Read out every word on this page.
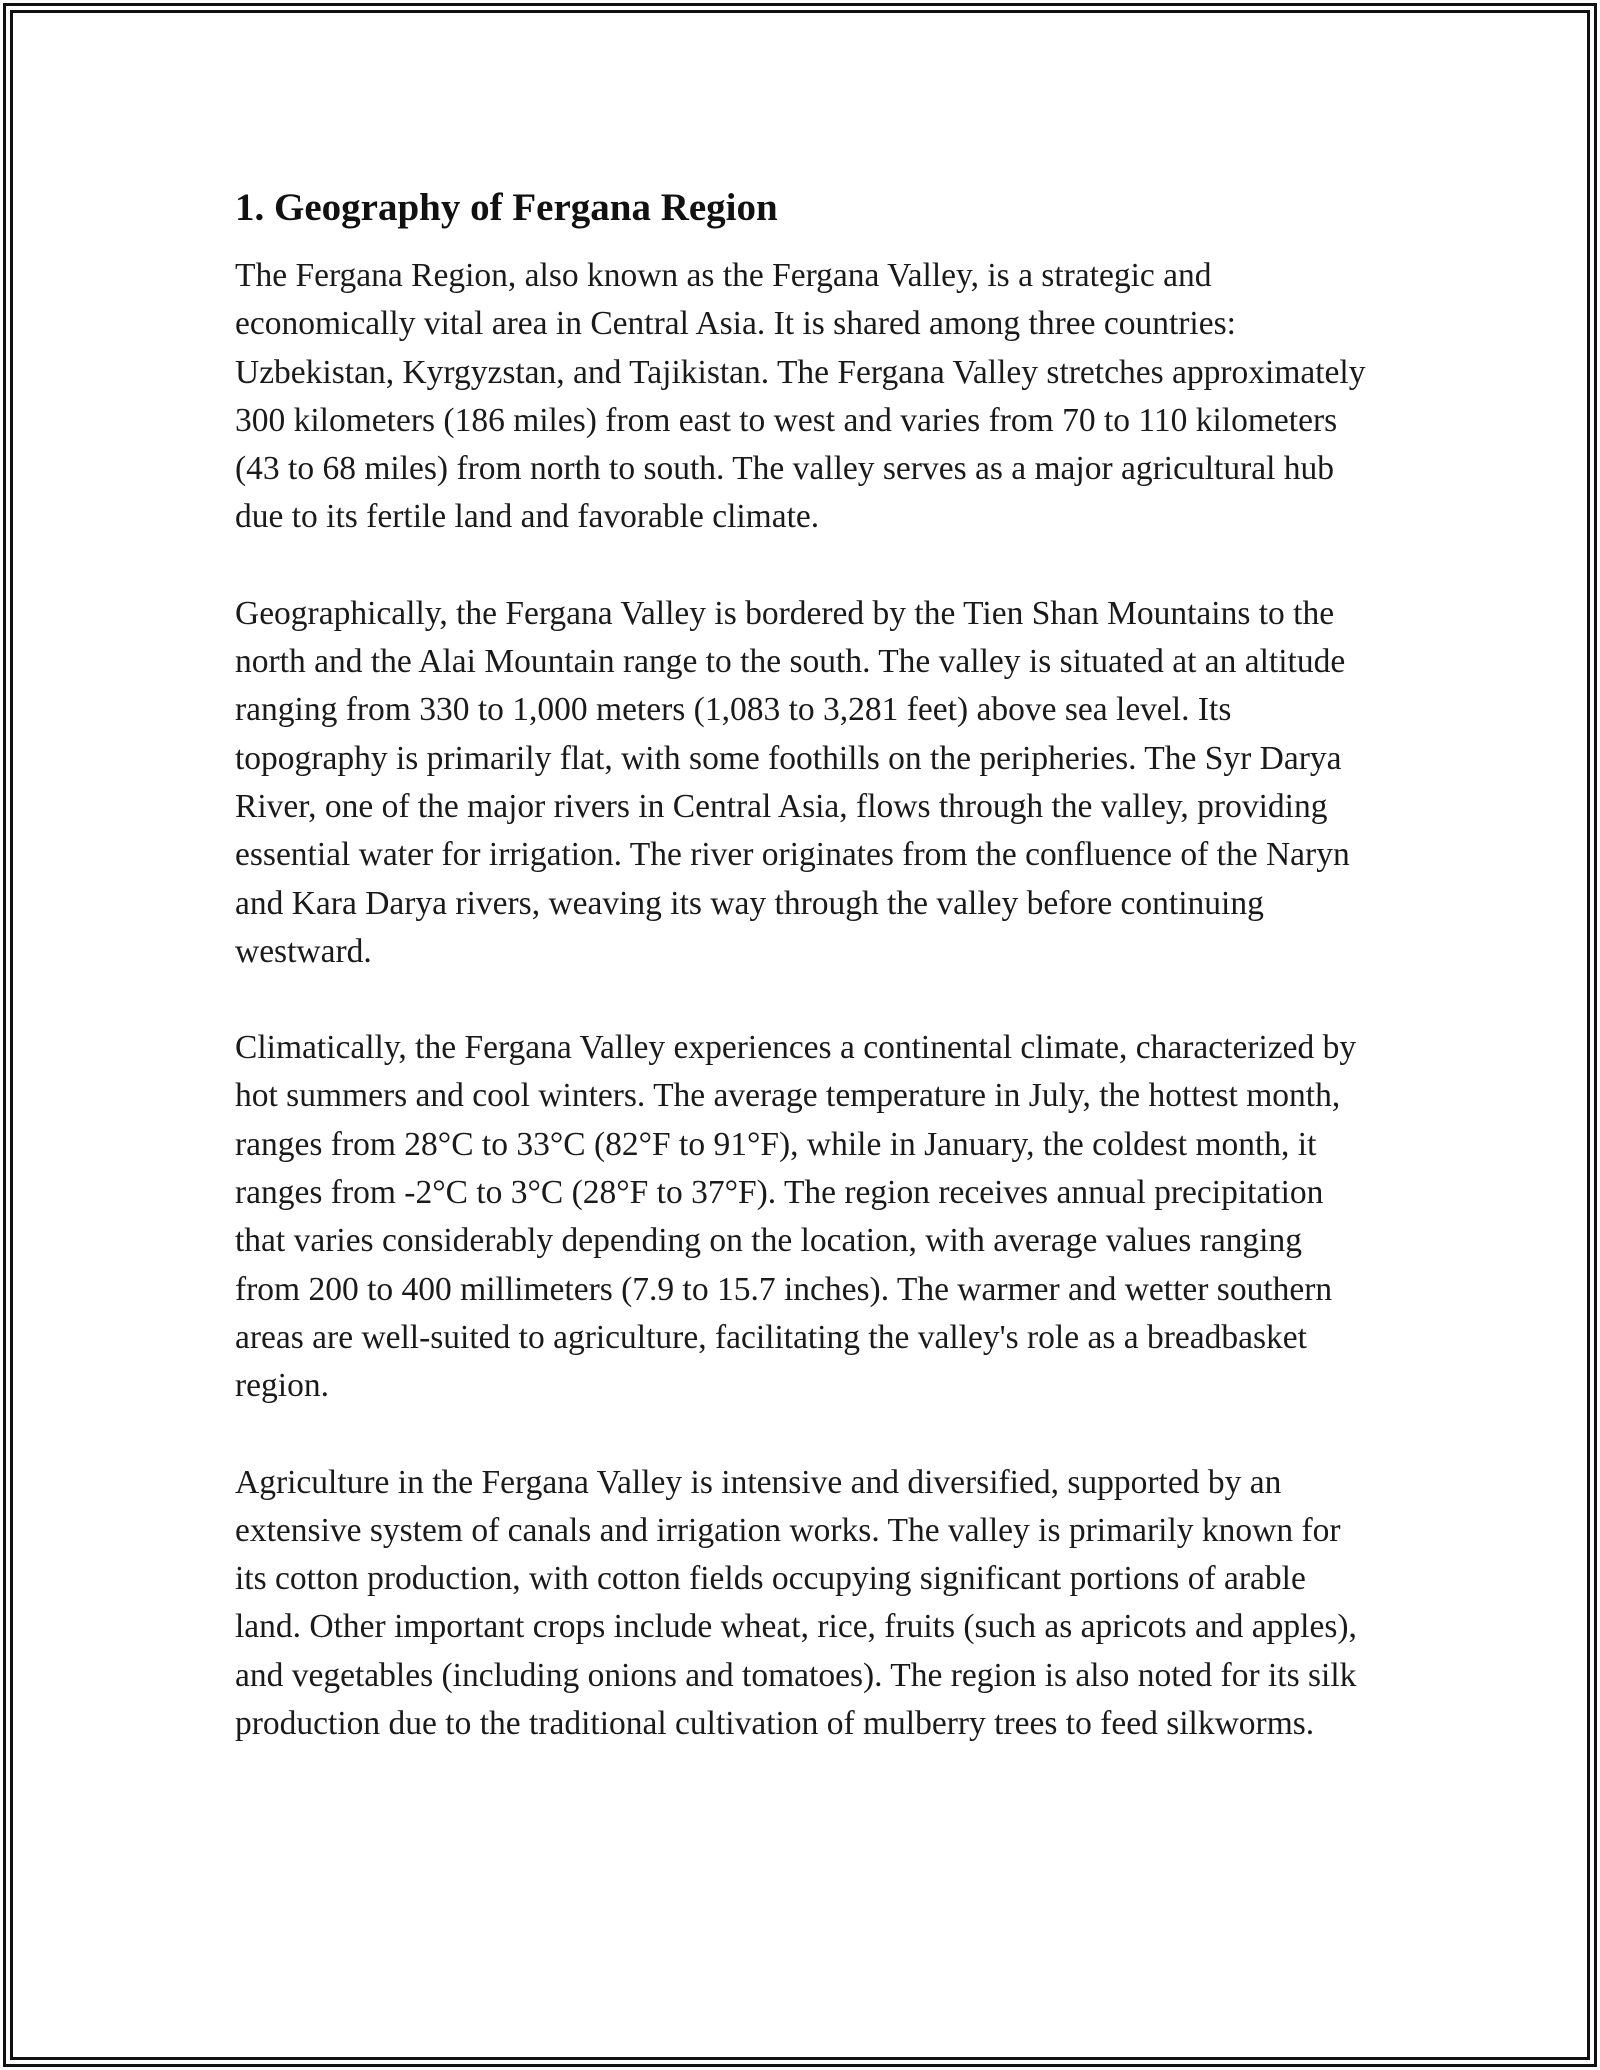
1. Geography of Fergana Region

The Fergana Region, also known as the Fergana Valley, is a strategic and economically vital area in Central Asia. It is shared among three countries: Uzbekistan, Kyrgyzstan, and Tajikistan. The Fergana Valley stretches approximately 300 kilometers (186 miles) from east to west and varies from 70 to 110 kilometers (43 to 68 miles) from north to south. The valley serves as a major agricultural hub due to its fertile land and favorable climate.

Geographically, the Fergana Valley is bordered by the Tien Shan Mountains to the north and the Alai Mountain range to the south. The valley is situated at an altitude ranging from 330 to 1,000 meters (1,083 to 3,281 feet) above sea level. Its topography is primarily flat, with some foothills on the peripheries. The Syr Darya River, one of the major rivers in Central Asia, flows through the valley, providing essential water for irrigation. The river originates from the confluence of the Naryn and Kara Darya rivers, weaving its way through the valley before continuing westward.

Climatically, the Fergana Valley experiences a continental climate, characterized by hot summers and cool winters. The average temperature in July, the hottest month, ranges from 28°C to 33°C (82°F to 91°F), while in January, the coldest month, it ranges from -2°C to 3°C (28°F to 37°F). The region receives annual precipitation that varies considerably depending on the location, with average values ranging from 200 to 400 millimeters (7.9 to 15.7 inches). The warmer and wetter southern areas are well-suited to agriculture, facilitating the valley's role as a breadbasket region.

Agriculture in the Fergana Valley is intensive and diversified, supported by an extensive system of canals and irrigation works. The valley is primarily known for its cotton production, with cotton fields occupying significant portions of arable land. Other important crops include wheat, rice, fruits (such as apricots and apples), and vegetables (including onions and tomatoes). The region is also noted for its silk production due to the traditional cultivation of mulberry trees to feed silkworms.
